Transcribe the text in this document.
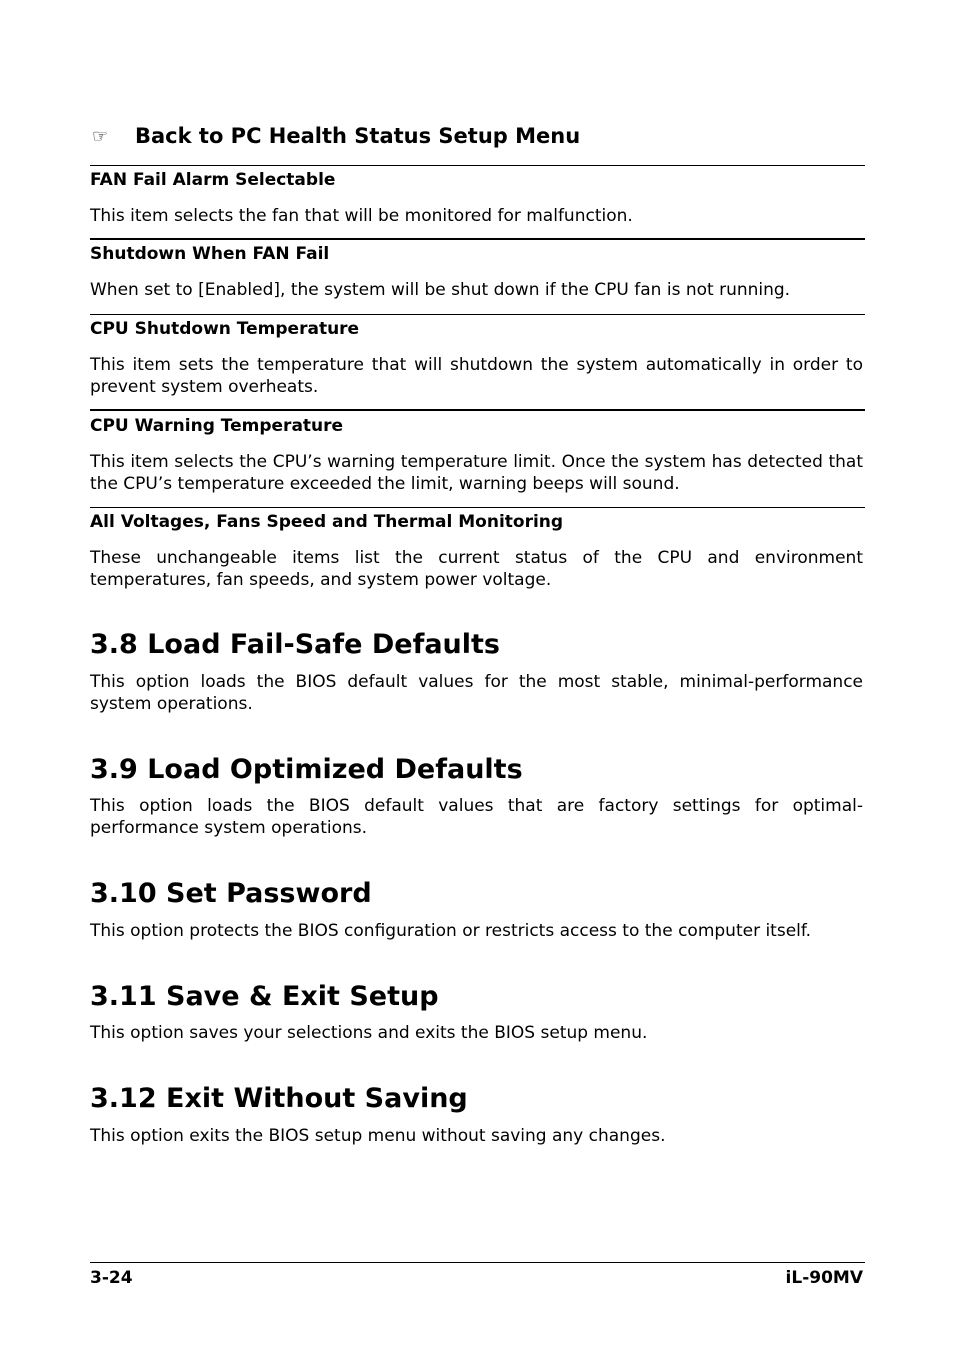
☞ Back to PC Health Status Setup Menu
FAN Fail Alarm Selectable
This item selects the fan that will be monitored for malfunction.
Shutdown When FAN Fail
When set to [Enabled], the system will be shut down if the CPU fan is not running.
CPU Shutdown Temperature
This item sets the temperature that will shutdown the system automatically in order to prevent system overheats.
CPU Warning Temperature
This item selects the CPU’s warning temperature limit. Once the system has detected that the CPU’s temperature exceeded the limit, warning beeps will sound.
All Voltages, Fans Speed and Thermal Monitoring
These unchangeable items list the current status of the CPU and environment temperatures, fan speeds, and system power voltage.
3.8 Load Fail-Safe Defaults
This option loads the BIOS default values for the most stable, minimal-performance system operations.
3.9 Load Optimized Defaults
This option loads the BIOS default values that are factory settings for optimal-performance system operations.
3.10 Set Password
This option protects the BIOS configuration or restricts access to the computer itself.
3.11 Save & Exit Setup
This option saves your selections and exits the BIOS setup menu.
3.12 Exit Without Saving
This option exits the BIOS setup menu without saving any changes.
3-24	iL-90MV
